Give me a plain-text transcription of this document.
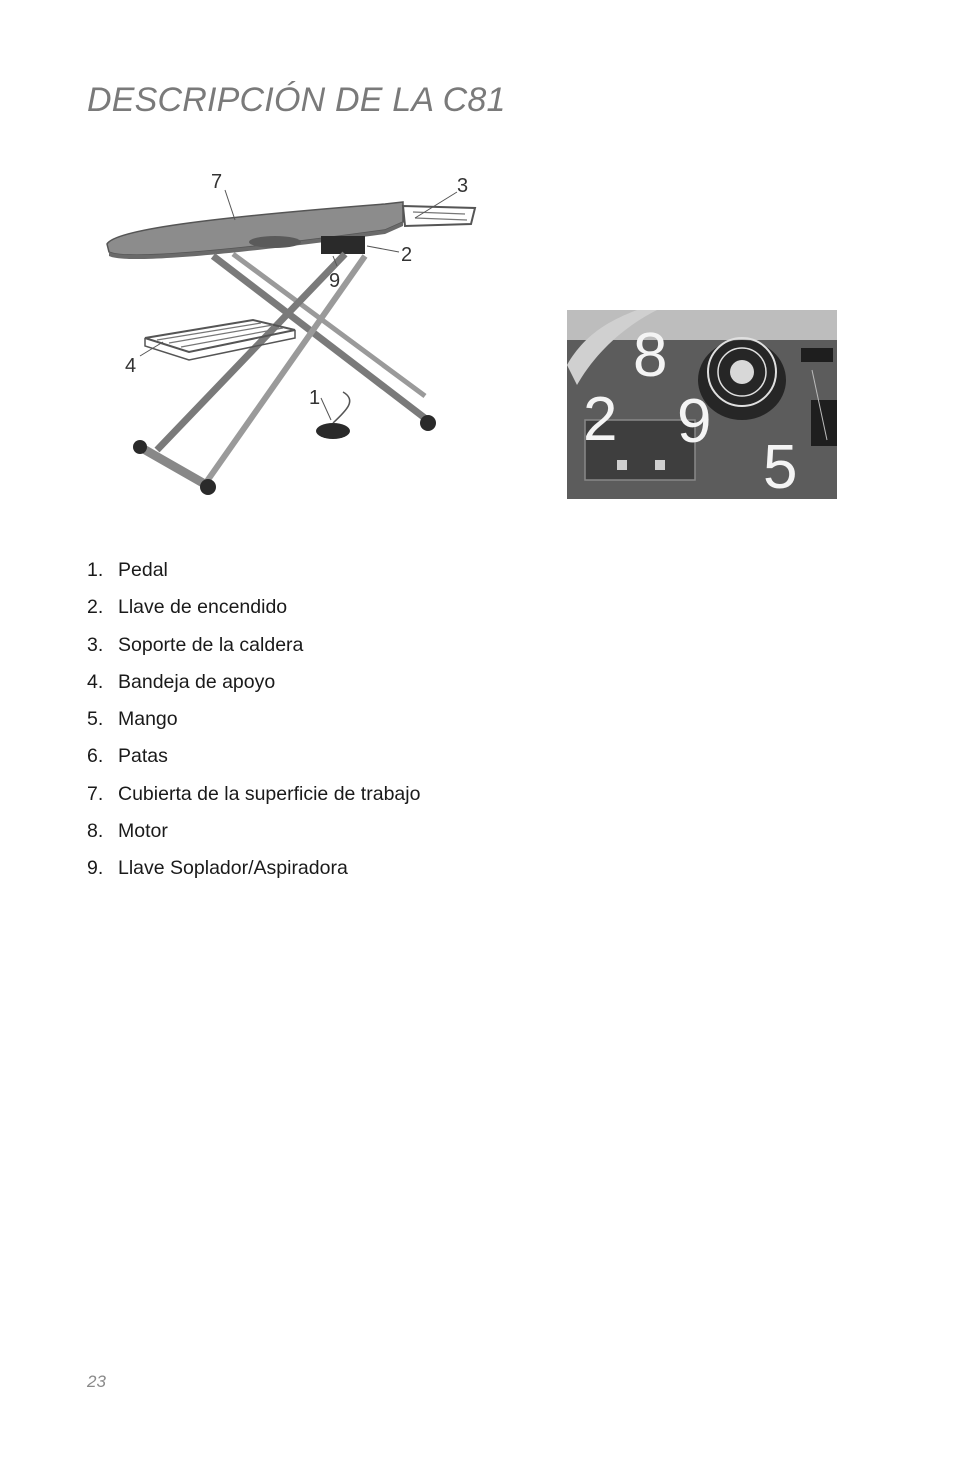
DESCRIPCIÓN DE LA C81
7	3
2
9
4
1
8
2 9
5
1. Pedal
2. Llave de encendido
3. Soporte de la caldera
4. Bandeja de apoyo
5. Mango
6. Patas
7. Cubierta de la superficie de trabajo
8. Motor
9. Llave Soplador/Aspiradora
23
